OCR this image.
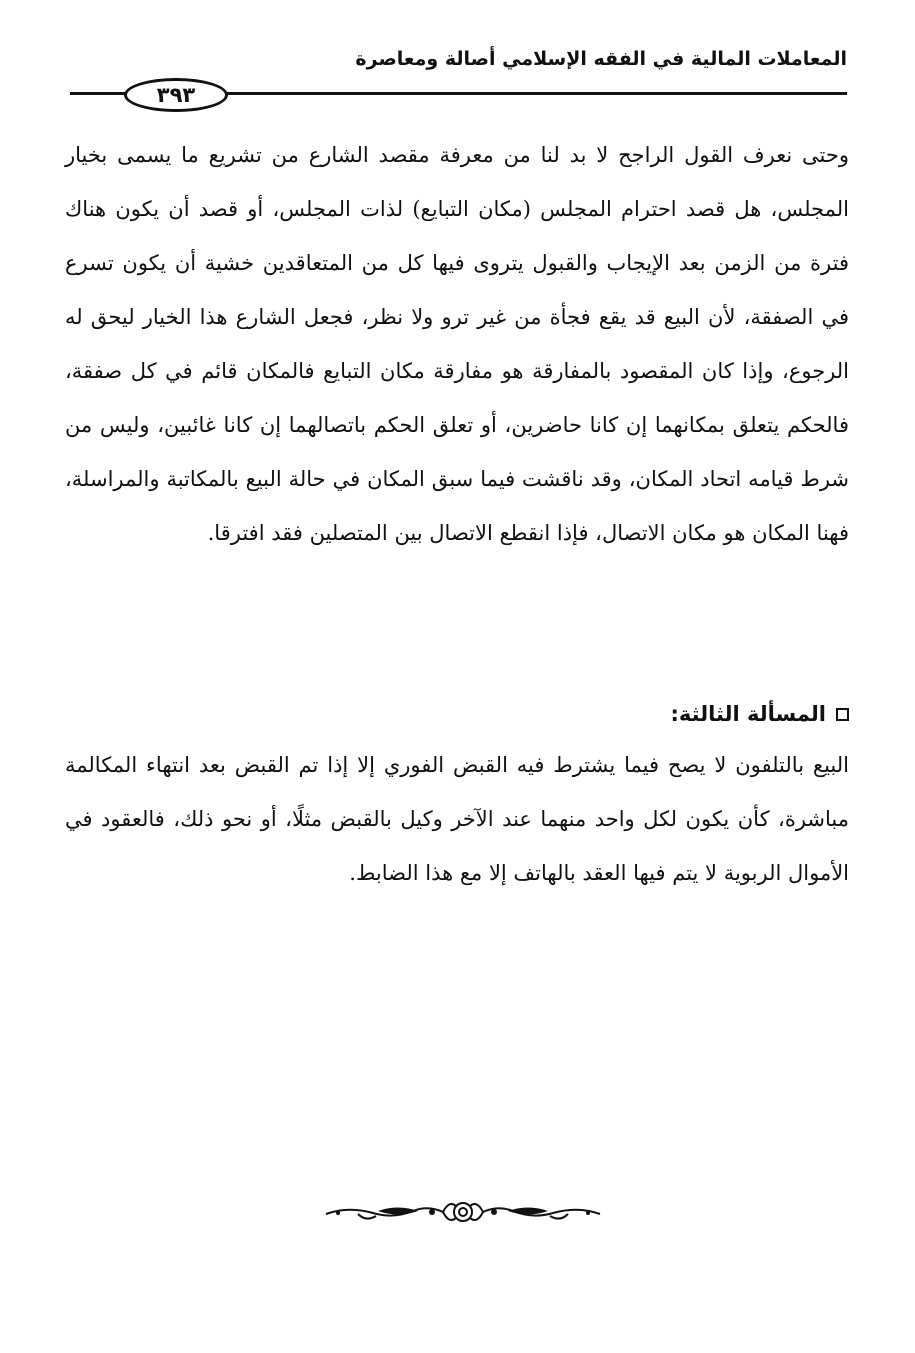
المعاملات المالية في الفقه الإسلامي أصالة ومعاصرة
٣٩٣

وحتى نعرف القول الراجح لا بد لنا من معرفة مقصد الشارع من تشريع ما يسمى بخيار المجلس، هل قصد احترام المجلس (مكان التبايع) لذات المجلس، أو قصد أن يكون هناك فترة من الزمن بعد الإيجاب والقبول يتروى فيها كل من المتعاقدين خشية أن يكون تسرع في الصفقة، لأن البيع قد يقع فجأة من غير ترو ولا نظر، فجعل الشارع هذا الخيار ليحق له الرجوع، وإذا كان المقصود بالمفارقة هو مفارقة مكان التبايع فالمكان قائم في كل صفقة، فالحكم يتعلق بمكانهما إن كانا حاضرين، أو تعلق الحكم باتصالهما إن كانا غائبين، وليس من شرط قيامه اتحاد المكان، وقد ناقشت فيما سبق المكان في حالة البيع بالمكاتبة والمراسلة، فهنا المكان هو مكان الاتصال، فإذا انقطع الاتصال بين المتصلين فقد افترقا.

المسألة الثالثة:

البيع بالتلفون لا يصح فيما يشترط فيه القبض الفوري إلا إذا تم القبض بعد انتهاء المكالمة مباشرة، كأن يكون لكل واحد منهما عند الآخر وكيل بالقبض مثلًا، أو نحو ذلك، فالعقود في الأموال الربوية لا يتم فيها العقد بالهاتف إلا مع هذا الضابط.
